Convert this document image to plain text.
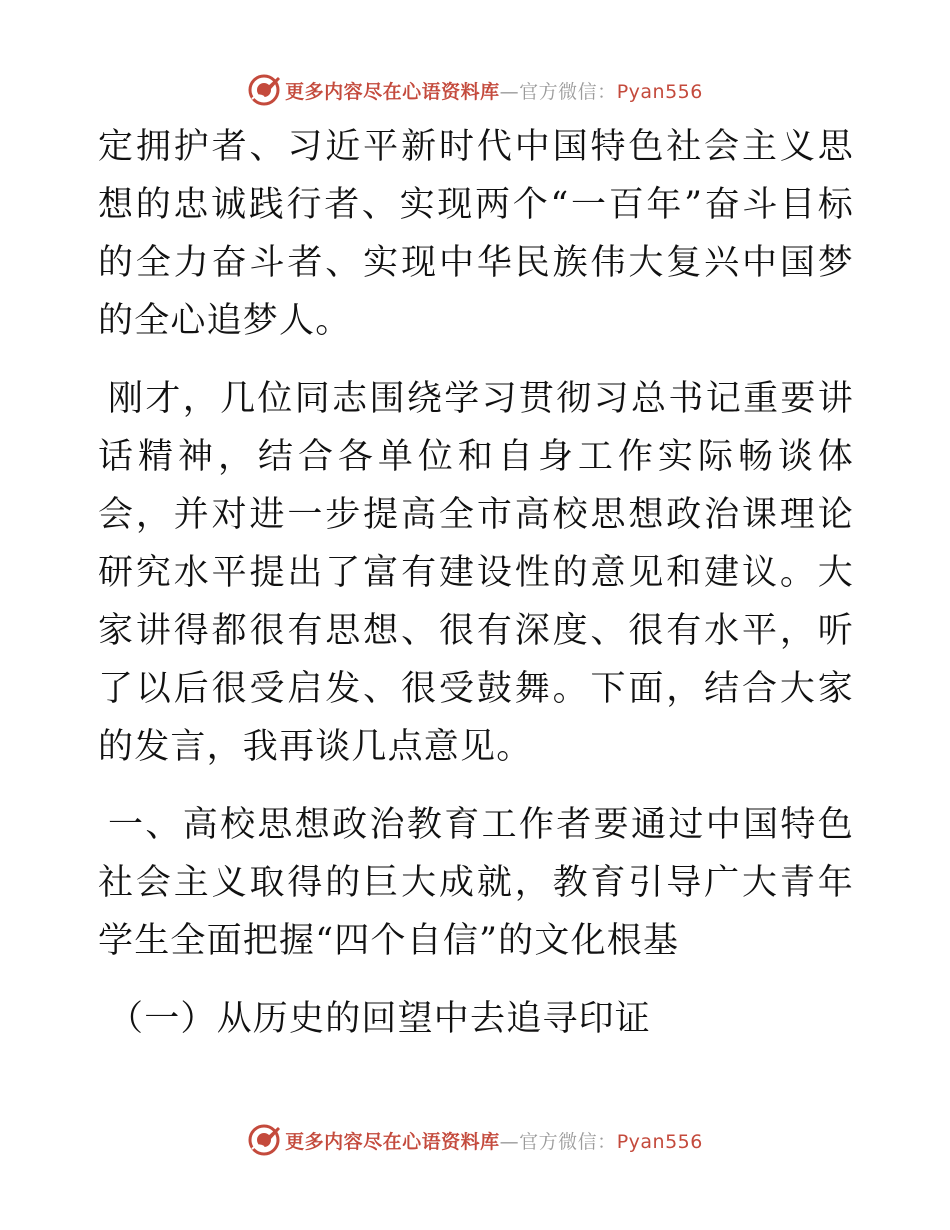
更多内容尽在心语资料库—官方微信：Pyan556

定拥护者、习近平新时代中国特色社会主义思想的忠诚践行者、实现两个“一百年”奋斗目标的全力奋斗者、实现中华民族伟大复兴中国梦的全心追梦人。

刚才，几位同志围绕学习贯彻习总书记重要讲话精神，结合各单位和自身工作实际畅谈体会，并对进一步提高全市高校思想政治课理论研究水平提出了富有建设性的意见和建议。大家讲得都很有思想、很有深度、很有水平，听了以后很受启发、很受鼓舞。下面，结合大家的发言，我再谈几点意见。

一、高校思想政治教育工作者要通过中国特色社会主义取得的巨大成就，教育引导广大青年学生全面把握“四个自信”的文化根基

（一）从历史的回望中去追寻印证

更多内容尽在心语资料库—官方微信：Pyan556
